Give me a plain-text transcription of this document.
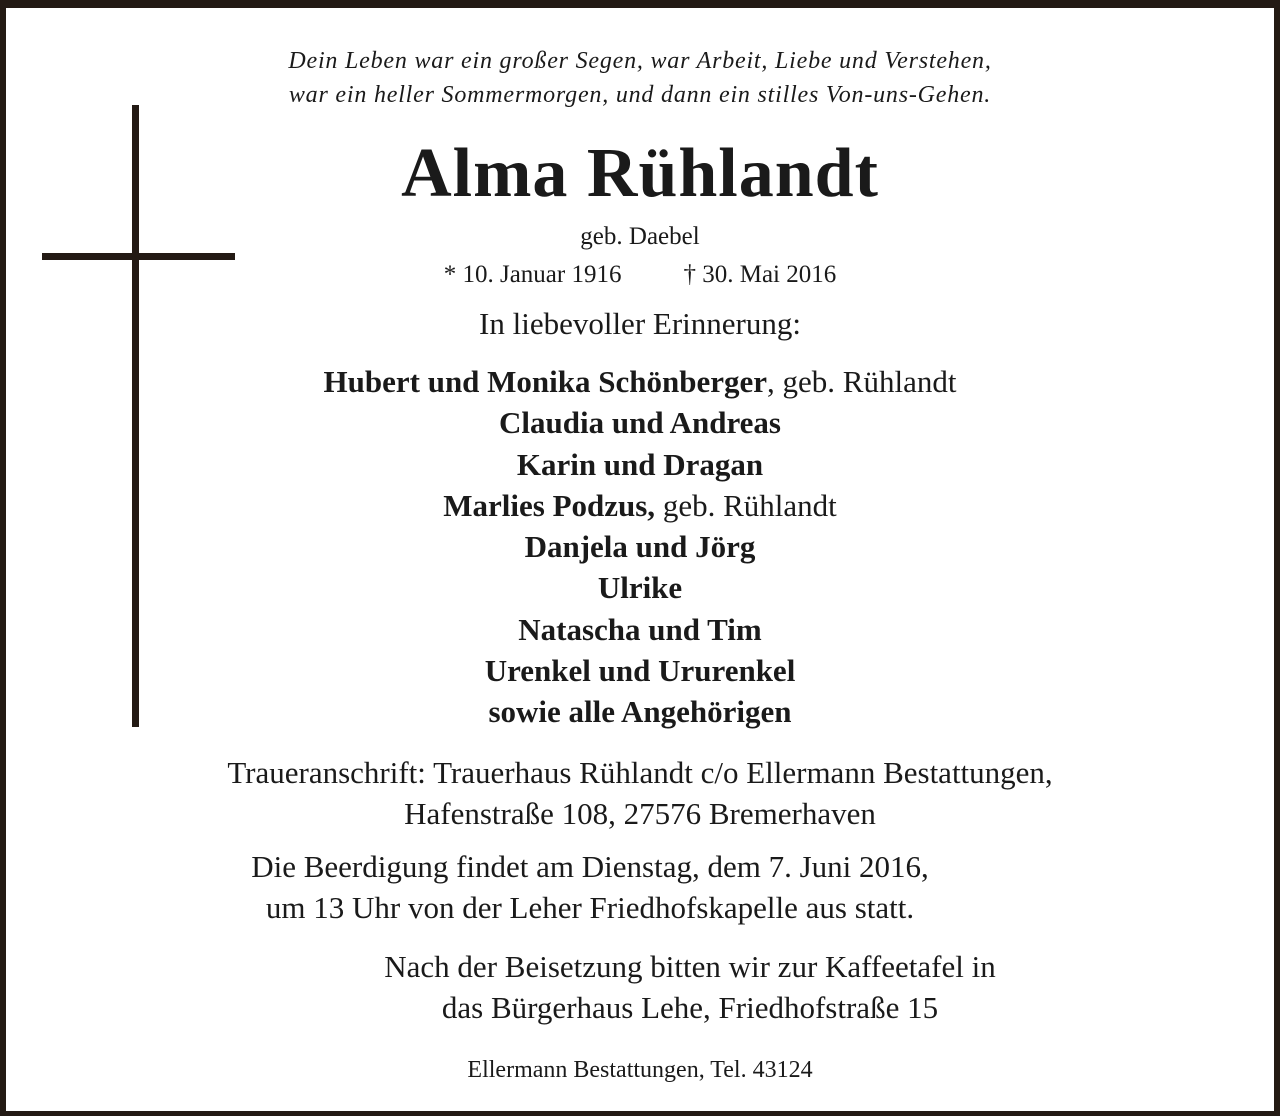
Dein Leben war ein großer Segen, war Arbeit, Liebe und Verstehen,
war ein heller Sommermorgen, und dann ein stilles Von-uns-Gehen.
Alma Rühlandt
geb. Daebel
* 10. Januar 1916 † 30. Mai 2016
In liebevoller Erinnerung:
Hubert und Monika Schönberger, geb. Rühlandt
Claudia und Andreas
Karin und Dragan
Marlies Podzus, geb. Rühlandt
Danjela und Jörg
Ulrike
Natascha und Tim
Urenkel und Ururenkel
sowie alle Angehörigen
Traueranschrift: Trauerhaus Rühlandt c/o Ellermann Bestattungen,
Hafenstraße 108, 27576 Bremerhaven
Die Beerdigung findet am Dienstag, dem 7. Juni 2016,
um 13 Uhr von der Leher Friedhofskapelle aus statt.
Nach der Beisetzung bitten wir zur Kaffeetafel in
das Bürgerhaus Lehe, Friedhofstraße 15
Ellermann Bestattungen, Tel. 43124
